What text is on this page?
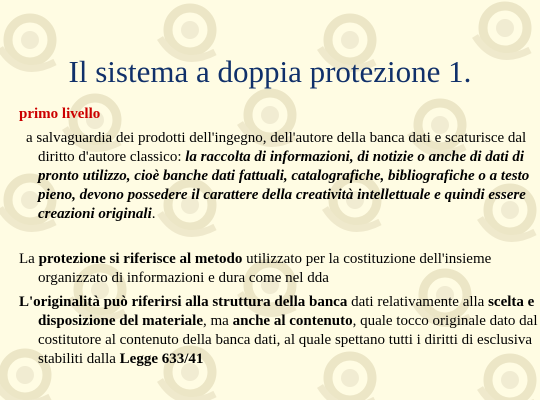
Il sistema a doppia protezione 1.

primo livello

a salvaguardia dei prodotti dell'ingegno, dell'autore della banca dati e scaturisce dal diritto d'autore classico: la raccolta di informazioni, di notizie o anche di dati di pronto utilizzo, cioè banche dati fattuali, catalografiche, bibliografiche o a testo pieno, devono possedere il carattere della creatività intellettuale e quindi essere creazioni originali.

La protezione si riferisce al metodo utilizzato per la costituzione dell'insieme organizzato di informazioni e dura come nel dda

L'originalità può riferirsi alla struttura della banca dati relativamente alla scelta e disposizione del materiale, ma anche al contenuto, quale tocco originale dato dal costitutore al contenuto della banca dati, al quale spettano tutti i diritti di esclusiva stabiliti dalla Legge 633/41
